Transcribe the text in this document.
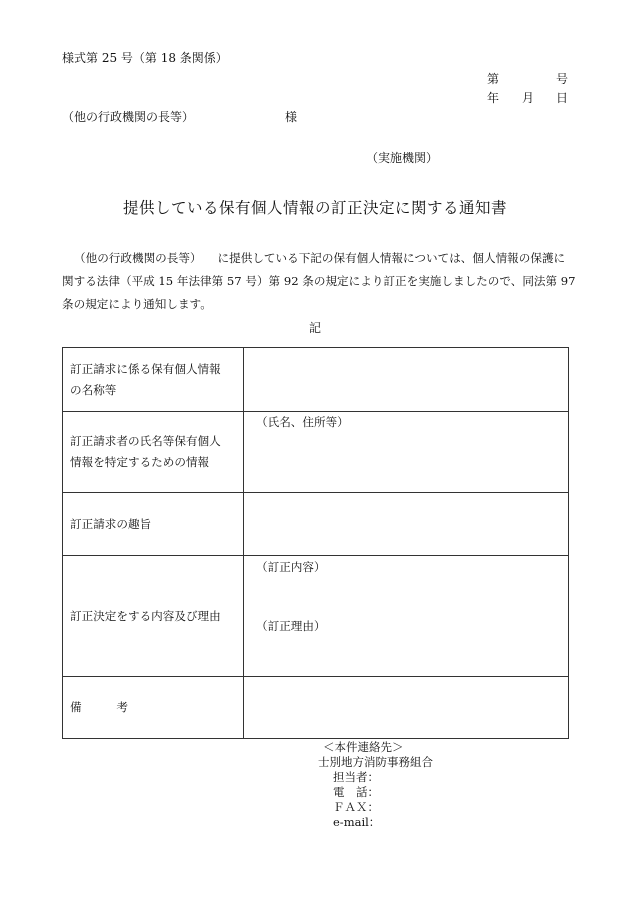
様式第 25 号（第 18 条関係）
第	号
年 月 日
（他の行政機関の長等）	様
（実施機関）
提供している保有個人情報の訂正決定に関する通知書
（他の行政機関の長等） に提供している下記の保有個人情報については、個人情報の保護に
関する法律（平成 15 年法律第 57 号）第 92 条の規定により訂正を実施しましたので、同法第 97
条の規定により通知します。
記
訂正請求に係る保有個人情報
の名称等	

訂正請求者の氏名等保有個人
情報を特定するための情報	（氏名、住所等）

訂正請求の趣旨	
訂正決定をする内容及び理由	（訂正内容）
（訂正理由）

備　　　考	
＜本件連絡先＞
士別地方消防事務組合
担当者：
電　話：
ＦＡＸ：
e-mail：
